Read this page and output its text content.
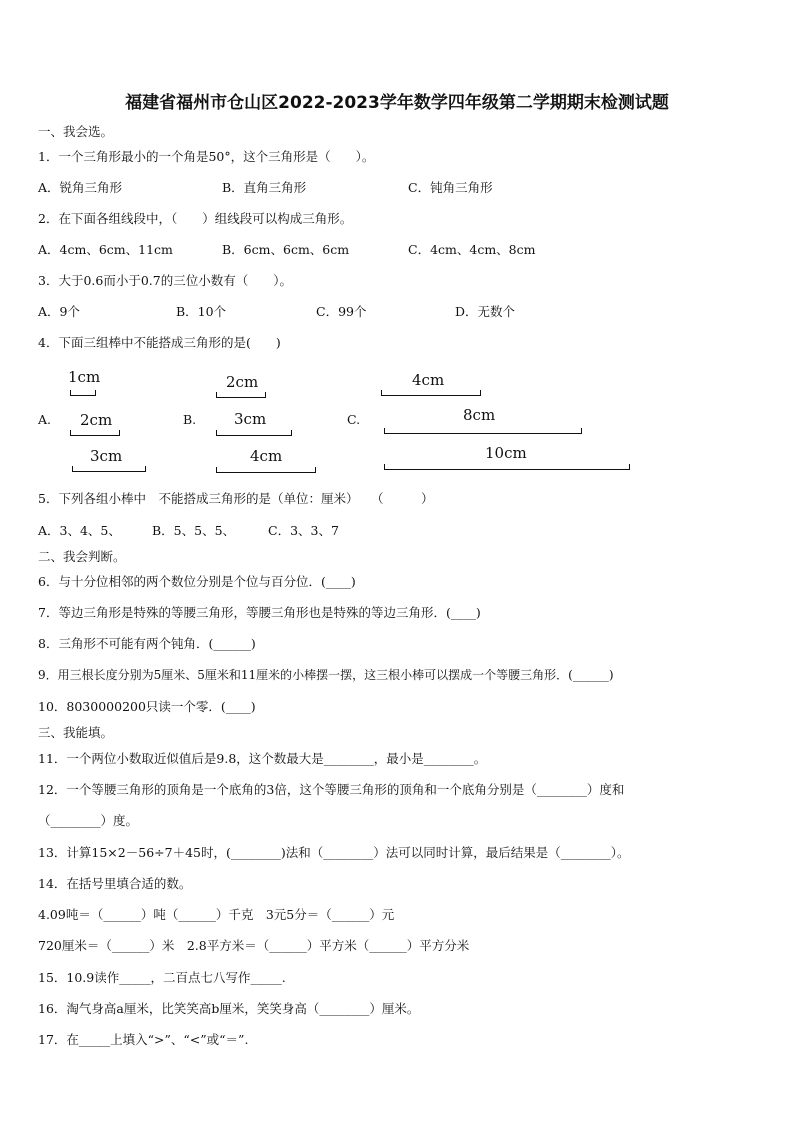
福建省福州市仓山区2022-2023学年数学四年级第二学期期末检测试题
一、我会选。
1．一个三角形最小的一个角是50°，这个三角形是（　　）。
A．锐角三角形	B．直角三角形	C．钝角三角形
2．在下面各组线段中，（　　）组线段可以构成三角形。
A．4cm、6cm、11cm	B．6cm、6cm、6cm	C．4cm、4cm、8cm
3．大于0.6而小于0.7的三位小数有（　　）。
A．9个	B．10个	C．99个	D．无数个
4．下面三组棒中不能搭成三角形的是(　　)
A.
1cm
2cm
3cm
B.
2cm
3cm
4cm
C.
4cm
8cm
10cm
5．下列各组小棒中　不能搭成三角形的是（单位：厘米）　　（　　　）
A．3、4、5、 B．5、5、5、	C．3、3、7
二、我会判断。
6．与十分位相邻的两个数位分别是个位与百分位．(____)
7．等边三角形是特殊的等腰三角形，等腰三角形也是特殊的等边三角形．(____)
8．三角形不可能有两个钝角．(______)
9．用三根长度分别为5厘米、5厘米和11厘米的小棒摆一摆，这三根小棒可以摆成一个等腰三角形．(______)
10．8030000200只读一个零．(____)
三、我能填。
11．一个两位小数取近似值后是9.8，这个数最大是________，最小是________。
12．一个等腰三角形的顶角是一个底角的3倍，这个等腰三角形的顶角和一个底角分别是（________）度和
（________）度。
13．计算15×2－56÷7＋45时，(________)法和（________）法可以同时计算，最后结果是（________）。
14．在括号里填合适的数。
4.09吨＝（______）吨（______）千克　3元5分＝（______）元
720厘米＝（______）米　2.8平方米＝（______）平方米（______）平方分米
15．10.9读作_____，二百点七八写作_____.
16．淘气身高a厘米，比笑笑高b厘米，笑笑身高（________）厘米。
17．在_____上填入“>”、“<”或“＝”.
